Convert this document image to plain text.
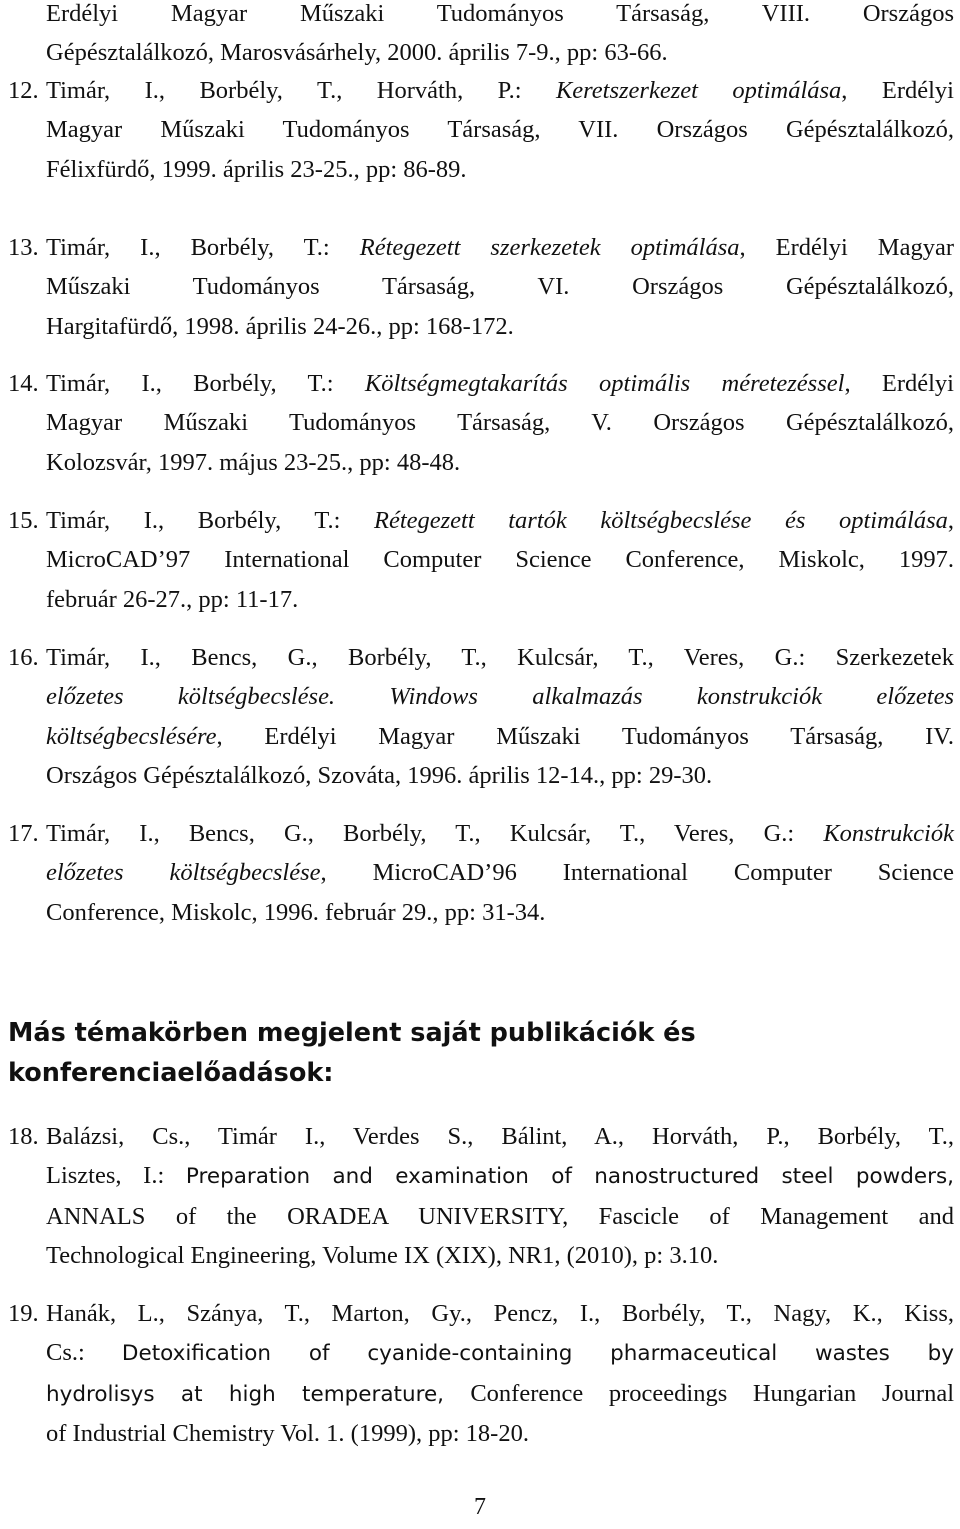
Erdélyi Magyar Műszaki Tudományos Társaság, VIII. Országos
Gépésztalálkozó, Marosvásárhely, 2000. április 7-9., pp: 63-66.
12. Timár, I., Borbély, T., Horváth, P.: Keretszerkezet optimálása, Erdélyi
Magyar Műszaki Tudományos Társaság, VII. Országos Gépésztalálkozó,
Félixfürdő, 1999. április 23-25., pp: 86-89.
13. Timár, I., Borbély, T.: Rétegezett szerkezetek optimálása, Erdélyi Magyar
Műszaki Tudományos Társaság, VI. Országos Gépésztalálkozó,
Hargitafürdő, 1998. április 24-26., pp: 168-172.
14. Timár, I., Borbély, T.: Költségmegtakarítás optimális méretezéssel, Erdélyi
Magyar Műszaki Tudományos Társaság, V. Országos Gépésztalálkozó,
Kolozsvár, 1997. május 23-25., pp: 48-48.
15. Timár, I., Borbély, T.: Rétegezett tartók költségbecslése és optimálása,
MicroCAD’97 International Computer Science Conference, Miskolc, 1997.
február 26-27., pp: 11-17.
16. Timár, I., Bencs, G., Borbély, T., Kulcsár, T., Veres, G.: Szerkezetek
előzetes költségbecslése. Windows alkalmazás konstrukciók előzetes
költségbecslésére, Erdélyi Magyar Műszaki Tudományos Társaság, IV.
Országos Gépésztalálkozó, Szováta, 1996. április 12-14., pp: 29-30.
17. Timár, I., Bencs, G., Borbély, T., Kulcsár, T., Veres, G.: Konstrukciók
előzetes költségbecslése, MicroCAD’96 International Computer Science
Conference, Miskolc, 1996. február 29., pp: 31-34.
Más témakörben megjelent saját publikációk és
konferenciaelőadások:
18. Balázsi, Cs., Timár I., Verdes S., Bálint, A., Horváth, P., Borbély, T.,
Lisztes, I.: Preparation and examination of nanostructured steel powders,
ANNALS of the ORADEA UNIVERSITY, Fascicle of Management and
Technological Engineering, Volume IX (XIX), NR1, (2010), p: 3.10.
19. Hanák, L., Szánya, T., Marton, Gy., Pencz, I., Borbély, T., Nagy, K., Kiss,
Cs.: Detoxification of cyanide-containing pharmaceutical wastes by
hydrolisys at high temperature, Conference proceedings Hungarian Journal
of Industrial Chemistry Vol. 1. (1999), pp: 18-20.
7
